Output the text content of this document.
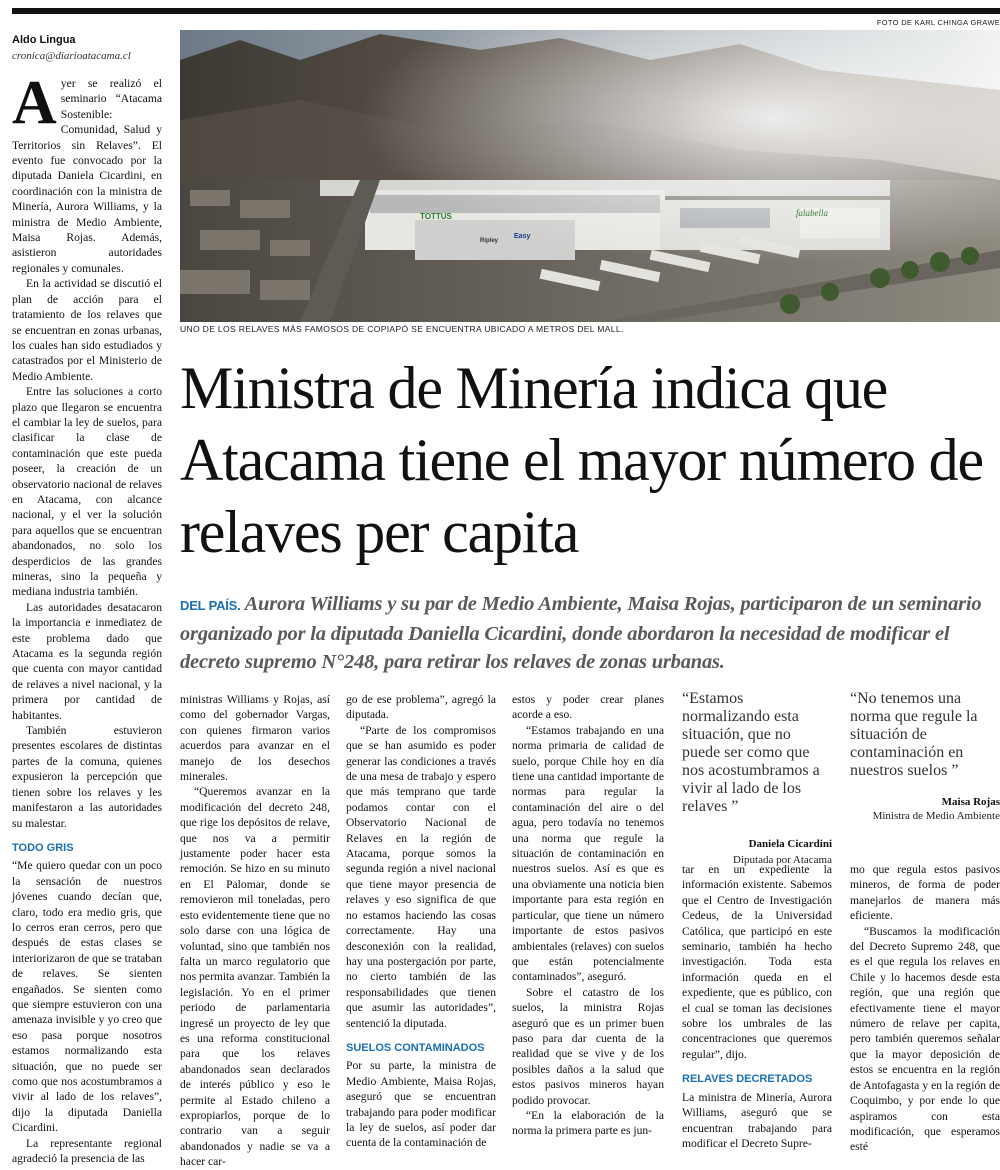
FOTO DE KARL CHINGA GRAWE
Aldo Lingua
cronica@diarioatacama.cl

Ayer se realizó el seminario “Atacama Sostenible: Comunidad, Salud y Territorios sin Relaves”. El evento fue convocado por la diputada Daniela Cicardini, en coordinación con la ministra de Minería, Aurora Williams, y la ministra de Medio Ambiente, Maisa Rojas. Además, asistieron autoridades regionales y comunales.

En la actividad se discutió el plan de acción para el tratamiento de los relaves que se encuentran en zonas urbanas, los cuales han sido estudiados y catastrados por el Ministerio de Medio Ambiente.

Entre las soluciones a corto plazo que llegaron se encuentra el cambiar la ley de suelos, para clasificar la clase de contaminación que este pueda poseer, la creación de un observatorio nacional de relaves en Atacama, con alcance nacional, y el ver la solución para aquellos que se encuentran abandonados, no solo los desperdicios de las grandes mineras, sino la pequeña y mediana industria también.

Las autoridades desatacaron la importancia e inmediatez de este problema dado que Atacama es la segunda región que cuenta con mayor cantidad de relaves a nivel nacional, y la primera por cantidad de habitantes.

También estuvieron presentes escolares de distintas partes de la comuna, quienes expusieron la percepción que tienen sobre los relaves y les manifestaron a las autoridades su malestar.

TODO GRIS

“Me quiero quedar con un poco la sensación de nuestros jóvenes cuando decían que, claro, todo era medio gris, que lo cerros eran cerros, pero que después de estas clases se interiorizaron de que se trataban de relaves. Se sienten engañados. Se sienten como que siempre estuvieron con una amenaza invisible y yo creo que eso pasa porque nosotros estamos normalizando esta situación, que no puede ser como que nos acostumbramos a vivir al lado de los relaves”, dijo la diputada Daniella Cicardini.

La representante regional agradeció la presencia de las

TOTTUS
Easy
Ripley
falabella
UNO DE LOS RELAVES MÁS FAMOSOS DE COPIAPÓ SE ENCUENTRA UBICADO A METROS DEL MALL.
Ministra de Minería indica que Atacama tiene el mayor número de relaves per capita
DEL PAÍS. Aurora Williams y su par de Medio Ambiente, Maisa Rojas, participaron de un seminario organizado por la diputada Daniella Cicardini, donde abordaron la necesidad de modificar el decreto supremo N°248, para retirar los relaves de zonas urbanas.

ministras Williams y Rojas, así como del gobernador Vargas, con quienes firmaron varios acuerdos para avanzar en el manejo de los desechos minerales.

“Queremos avanzar en la modificación del decreto 248, que rige los depósitos de relave, que nos va a permitir justamente poder hacer esta remoción. Se hizo en su minuto en El Palomar, donde se removieron mil toneladas, pero esto evidentemente tiene que no solo darse con una lógica de voluntad, sino que también nos falta un marco regulatorio que nos permita avanzar. También la legislación. Yo en el primer periodo de parlamentaria ingresé un proyecto de ley que es una reforma constitucional para que los relaves abandonados sean declarados de interés público y eso le permite al Estado chileno a expropiarlos, porque de lo contrario van a seguir abandonados y nadie se va a hacer car-

go de ese problema”, agregó la diputada.

“Parte de los compromisos que se han asumido es poder generar las condiciones a través de una mesa de trabajo y espero que más temprano que tarde podamos contar con el Observatorio Nacional de Relaves en la región de Atacama, porque somos la segunda región a nivel nacional que tiene mayor presencia de relaves y eso significa de que no estamos haciendo las cosas correctamente. Hay una desconexión con la realidad, hay una postergación por parte, no cierto también de las responsabilidades que tienen que asumir las autoridades”, sentenció la diputada.

SUELOS CONTAMINADOS

Por su parte, la ministra de Medio Ambiente, Maisa Rojas, aseguró que se encuentran trabajando para poder modificar la ley de suelos, así poder dar cuenta de la contaminación de

estos y poder crear planes acorde a eso.

“Estamos trabajando en una norma primaria de calidad de suelo, porque Chile hoy en día tiene una cantidad importante de normas para regular la contaminación del aire o del agua, pero todavía no tenemos una norma que regule la situación de contaminación en nuestros suelos. Así es que es una obviamente una noticia bien importante para esta región en particular, que tiene un número importante de estos pasivos ambientales (relaves) con suelos que están potencialmente contaminados”, aseguró.

Sobre el catastro de los suelos, la ministra Rojas aseguró que es un primer buen paso para dar cuenta de la realidad que se vive y de los posibles daños a la salud que estos pasivos mineros hayan podido provocar.

“En la elaboración de la norma la primera parte es jun-

“Estamos normalizando esta situación, que no puede ser como que nos acostumbramos a vivir al lado de los relaves ”
Daniela Cicardini
Diputada por Atacama
“No tenemos una norma que regule la situación de contaminación en nuestros suelos ”
Maisa Rojas
Ministra de Medio Ambiente

tar en un expediente la información existente. Sabemos que el Centro de Investigación Cedeus, de la Universidad Católica, que participó en este seminario, también ha hecho investigación. Toda esta información queda en el expediente, que es público, con el cual se toman las decisiones sobre los umbrales de las concentraciones que queremos regular”, dijo.

RELAVES DECRETADOS

La ministra de Minería, Aurora Williams, aseguró que se encuentran trabajando para modificar el Decreto Supre-

mo que regula estos pasivos mineros, de forma de poder manejarlos de manera más eficiente.

“Buscamos la modificación del Decreto Supremo 248, que es el que regula los relaves en Chile y lo hacemos desde esta región, que una región que efectivamente tiene el mayor número de relave per capita, pero también queremos señalar que la mayor deposición de estos se encuentra en la región de Antofagasta y en la región de Coquimbo, y por ende lo que aspiramos con esta modificación, que esperamos esté
